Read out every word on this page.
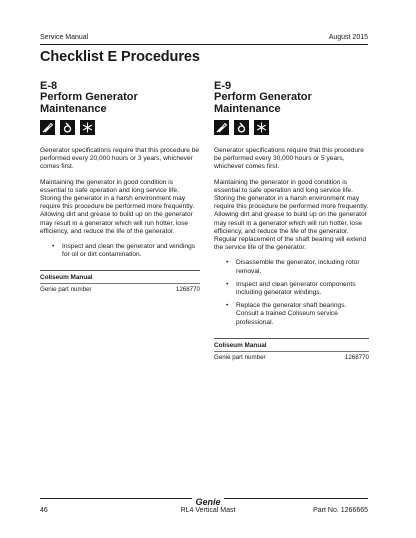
Service Manual	August 2015
Checklist E Procedures
E-8
Perform Generator Maintenance

Generator specifications require that this procedure be performed every 20,000 hours or 3 years, whichever comes first.

Maintaining the generator in good condition is essential to safe operation and long service life. Storing the generator in a harsh environment may require this procedure be performed more frequently. Allowing dirt and grease to build up on the generator may result in a generator which will run hotter, lose efficiency, and reduce the life of the generator.

• Inspect and clean the generator and windings for oil or dirt contamination.
Coliseum Manual
Genie part number	1268770
E-9
Perform Generator Maintenance

Generator specifications require that this procedure be performed every 30,000 hours or 5 years, whichever comes first.

Maintaining the generator in good condition is essential to safe operation and long service life. Storing the generator in a harsh environment may require this procedure be performed more frequently. Allowing dirt and grease to build up on the generator may result in a generator which will run hotter, lose efficiency, and reduce the life of the generator. Regular replacement of the shaft bearing will extend the service life of the generator.

• Disassemble the generator, including rotor removal.
• Inspect and clean generator components including generator windings.
• Replace the generator shaft bearings. Consult a trained Coliseum service professional.
Coliseum Manual
Genie part number	1268770
Genie
46	RL4 Vertical Mast	Part No. 1266665
